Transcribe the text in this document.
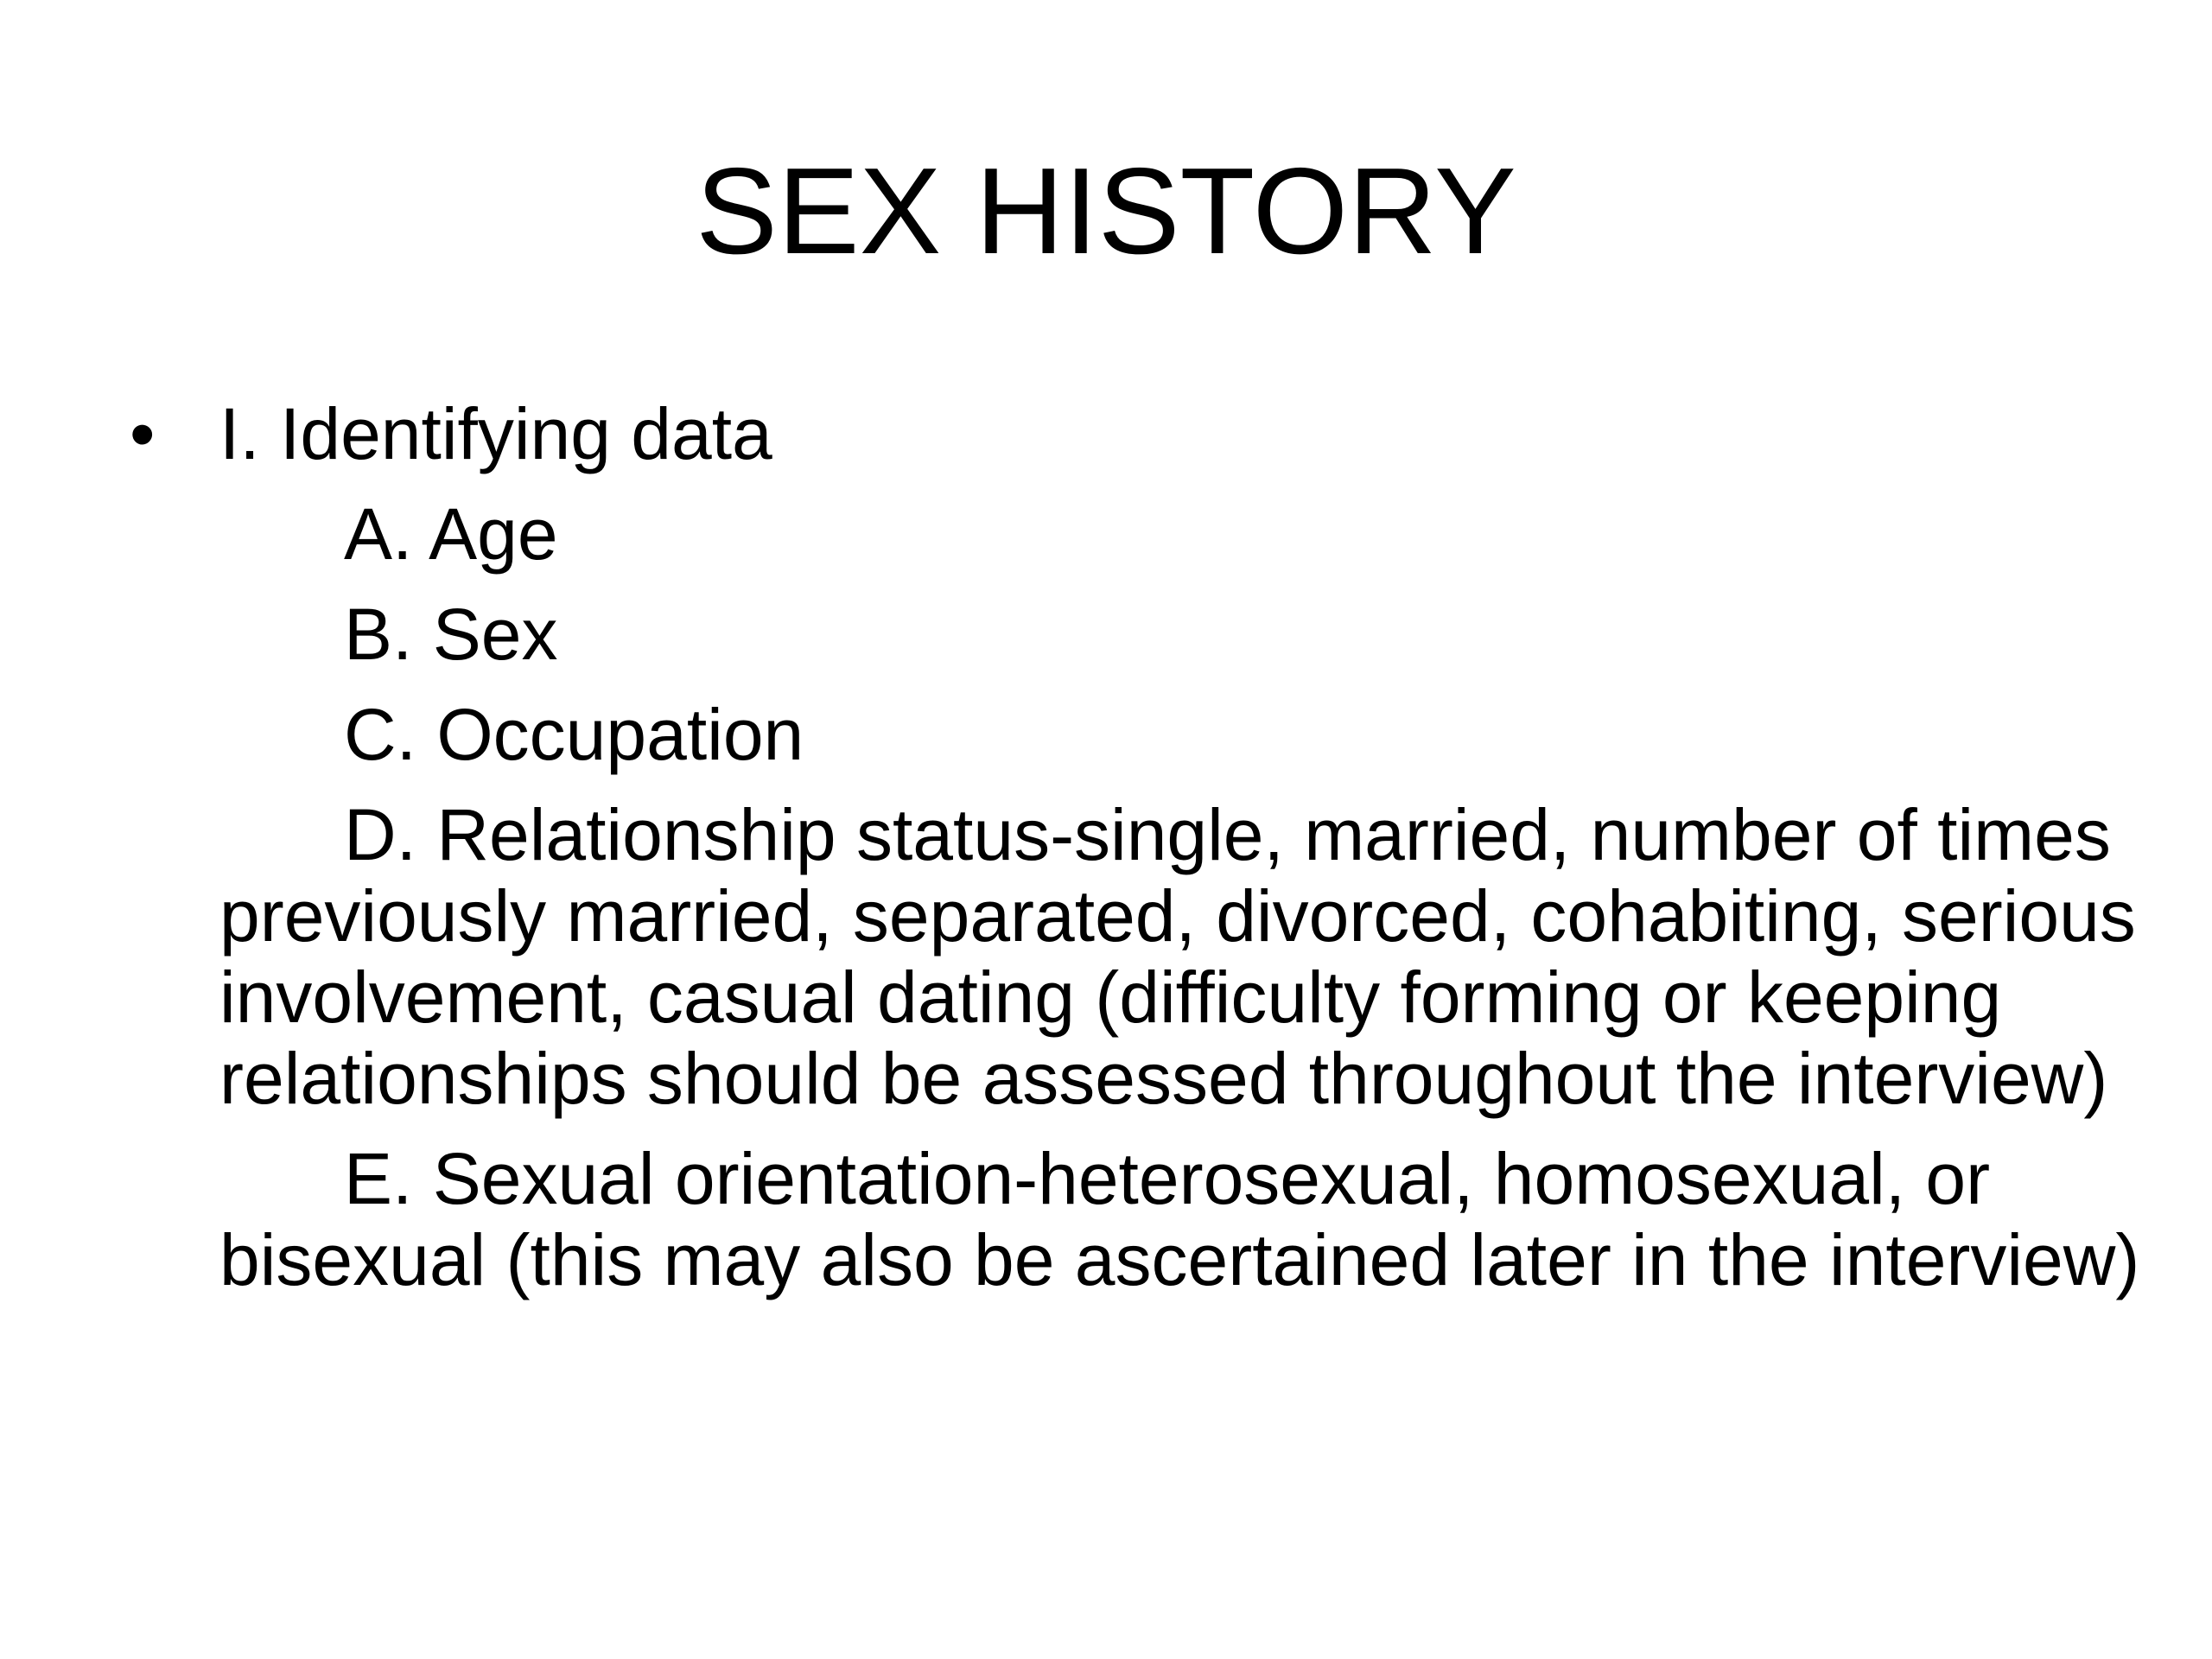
SEX HISTORY
• I. Identifying data
A. Age
B. Sex
C. Occupation
D. Relationship status-single, married, number of times previously married, separated, divorced, cohabiting, serious involvement, casual dating (difficulty forming or keeping relationships should be assessed throughout the interview)
E. Sexual orientation-heterosexual, homosexual, or bisexual (this may also be ascertained later in the interview)
